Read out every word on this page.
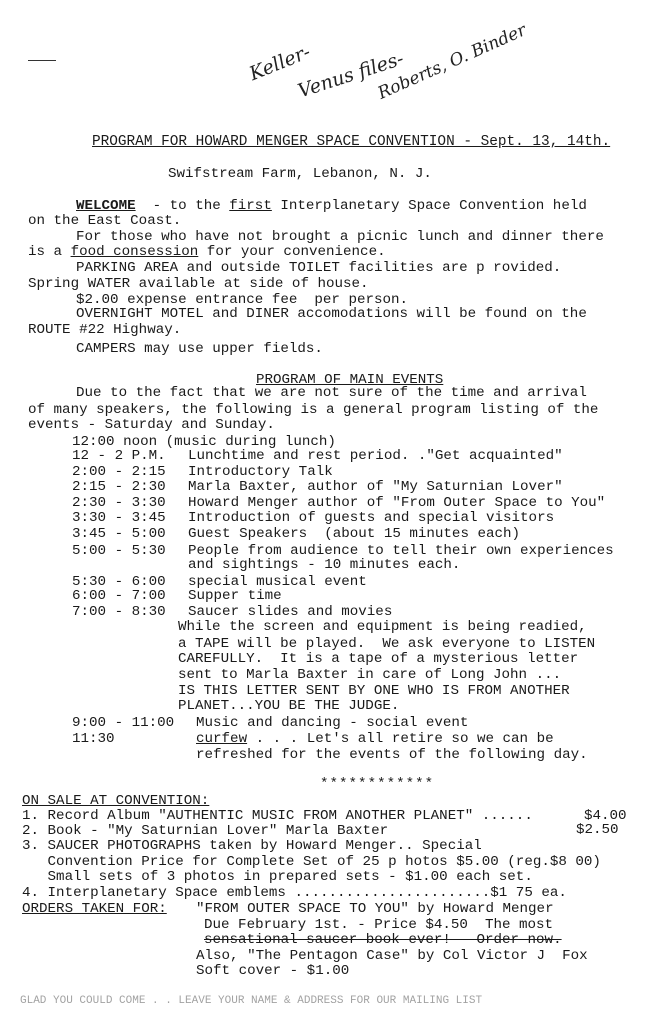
Keller-
Venus files-
Roberts, O. Binder
PROGRAM FOR HOWARD MENGER SPACE CONVENTION - Sept. 13, 14th.
Swifstream Farm, Lebanon, N. J.
WELCOME  - to the first Interplanetary Space Convention held
on the East Coast.
For those who have not brought a picnic lunch and dinner there
is a food consession for your convenience.
PARKING AREA and outside TOILET facilities are p rovided.
Spring WATER available at side of house.
$2.00 expense entrance fee  per person.
OVERNIGHT MOTEL and DINER accomodations will be found on the
ROUTE #22 Highway.
CAMPERS may use upper fields.
PROGRAM OF MAIN EVENTS
Due to the fact that we are not sure of the time and arrival
of many speakers, the following is a general program listing of the
events - Saturday and Sunday.
12:00 noon (music during lunch)
12 - 2 P.M. Lunchtime and rest period. ."Get acquainted"
2:00 - 2:15 Introductory Talk
2:15 - 2:30 Marla Baxter, author of "My Saturnian Lover"
2:30 - 3:30 Howard Menger author of "From Outer Space to You"
3:30 - 3:45 Introduction of guests and special visitors
3:45 - 5:00 Guest Speakers  (about 15 minutes each)
5:00 - 5:30 People from audience to tell their own experiences
and sightings - 10 minutes each.
5:30 - 6:00 special musical event
6:00 - 7:00 Supper time
7:00 - 8:30 Saucer slides and movies
While the screen and equipment is being readied,
a TAPE will be played.  We ask everyone to LISTEN
CAREFULLY.  It is a tape of a mysterious letter
sent to Marla Baxter in care of Long John ...
IS THIS LETTER SENT BY ONE WHO IS FROM ANOTHER
PLANET...YOU BE THE JUDGE.
9:00 - 11:00 Music and dancing - social event
11:30	curfew . . . Let's all retire so we can be
refreshed for the events of the following day.
************
ON SALE AT CONVENTION:
1. Record Album "AUTHENTIC MUSIC FROM ANOTHER PLANET" ......	$4.00
2. Book - "My Saturnian Lover" Marla Baxter	$2.50
3. SAUCER PHOTOGRAPHS taken by Howard Menger.. Special
Convention Price for Complete Set of 25 p hotos $5.00 (reg.$8 00)
Small sets of 3 photos in prepared sets - $1.00 each set.
4. Interplanetary Space emblems .......................$1 75 ea.
ORDERS TAKEN FOR: "FROM OUTER SPACE TO YOU" by Howard Menger
Due February 1st. - Price $4.50  The most
sensational saucer book ever!   Order now.
Also, "The Pentagon Case" by Col Victor J  Fox
Soft cover - $1.00
GLAD YOU COULD COME . . LEAVE YOUR NAME & ADDRESS FOR OUR MAILING LIST
